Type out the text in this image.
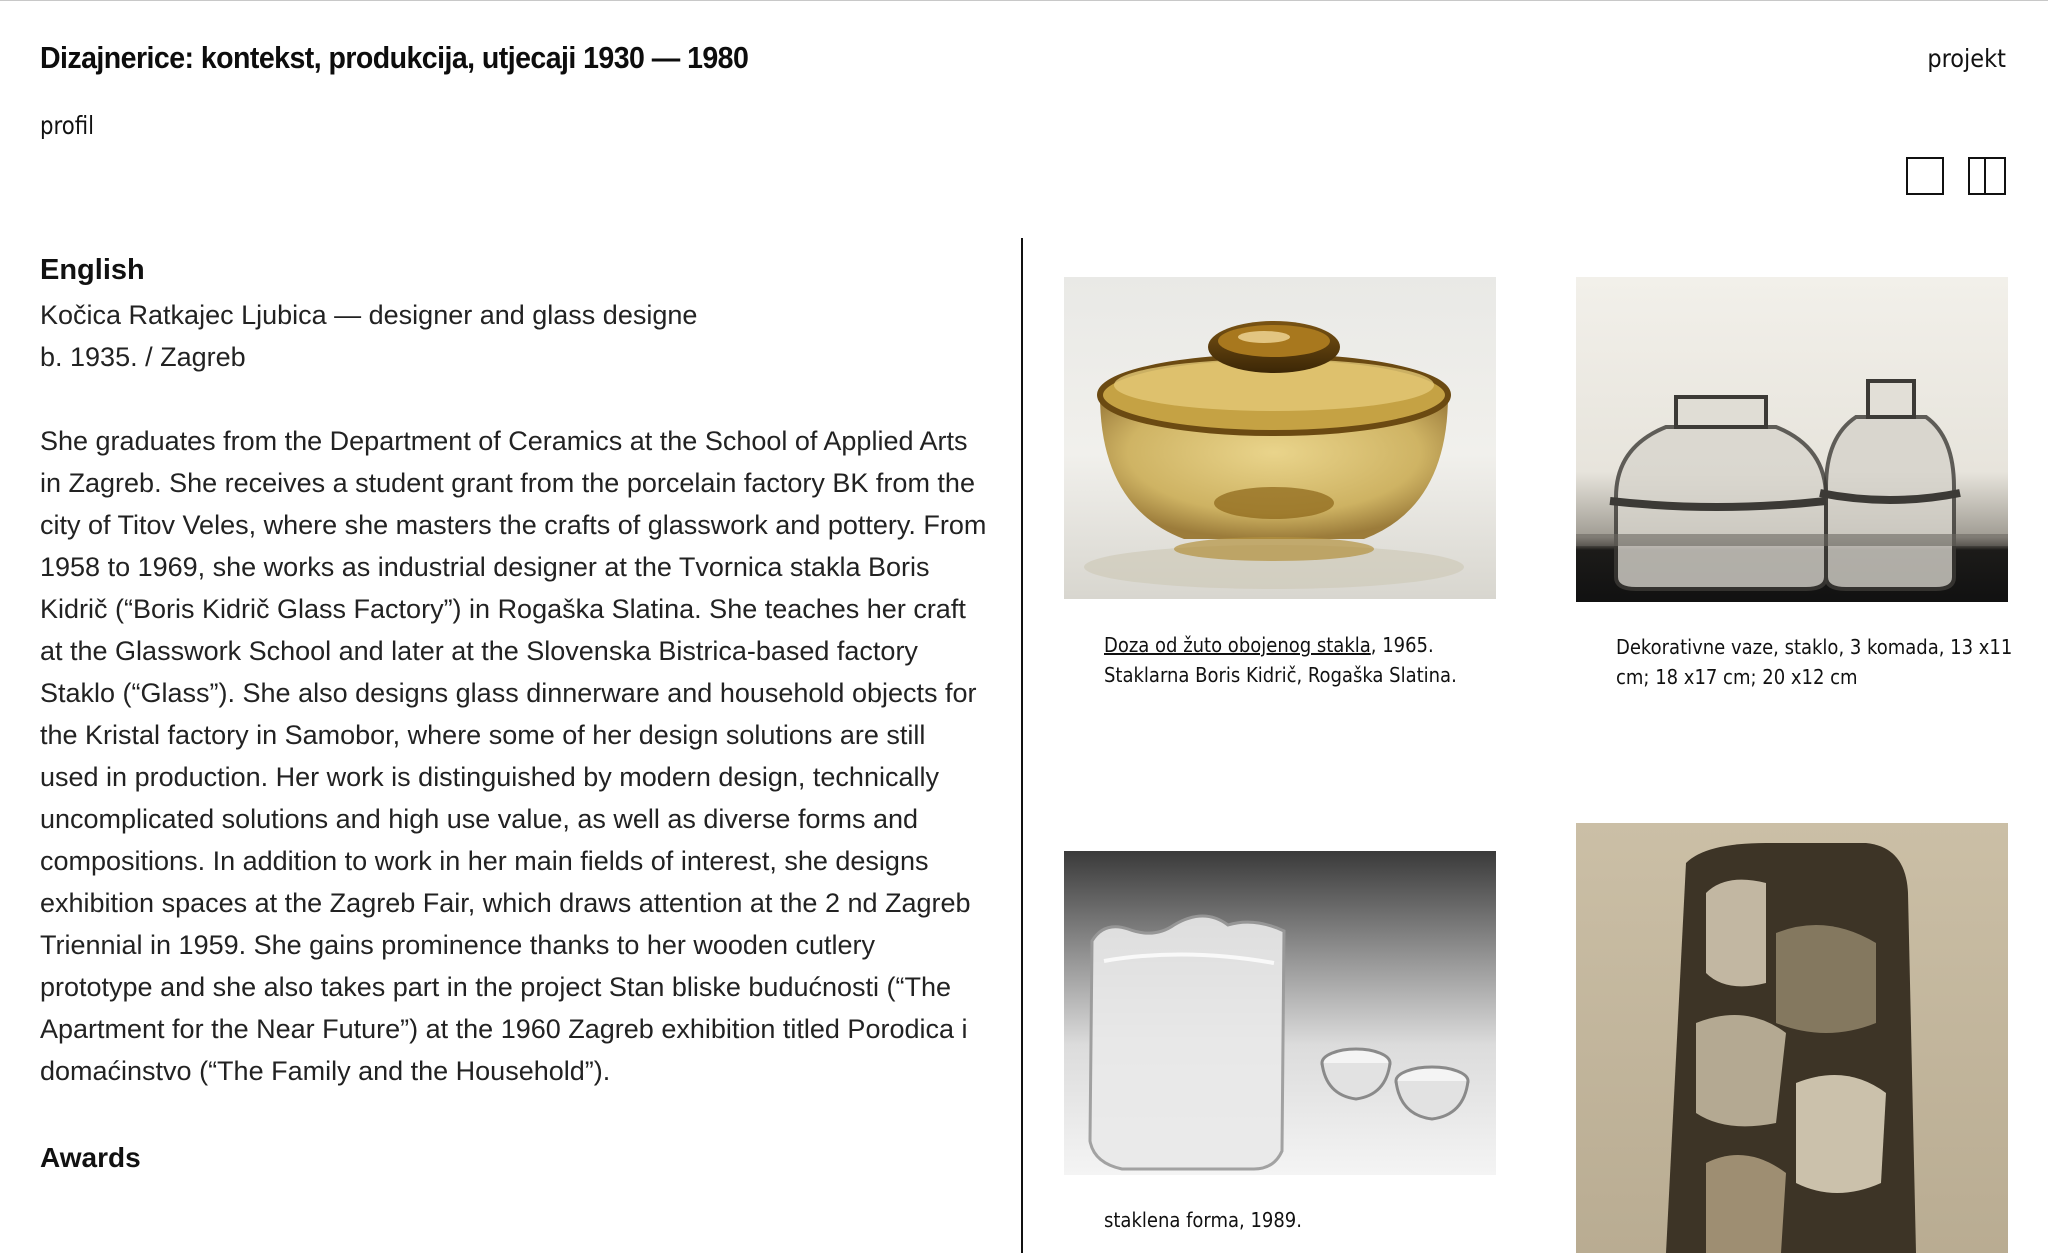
Dizajnerice: kontekst, produkcija, utjecaji 1930 — 1980	projekt
profil
English
Kočica Ratkajec Ljubica — designer and glass designe
b. 1935. / Zagreb

She graduates from the Department of Ceramics at the School of Applied Arts in Zagreb. She receives a student grant from the porcelain factory BK from the city of Titov Veles, where she masters the crafts of glasswork and pottery. From 1958 to 1969, she works as industrial designer at the Tvornica stakla Boris Kidrič (“Boris Kidrič Glass Factory”) in Rogaška Slatina. She teaches her craft at the Glasswork School and later at the Slovenska Bistrica-based factory Staklo (“Glass”). She also designs glass dinnerware and household objects for the Kristal factory in Samobor, where some of her design solutions are still used in production. Her work is distinguished by modern design, technically uncomplicated solutions and high use value, as well as diverse forms and compositions. In addition to work in her main fields of interest, she designs exhibition spaces at the Zagreb Fair, which draws attention at the 2 nd Zagreb Triennial in 1959. She gains prominence thanks to her wooden cutlery prototype and she also takes part in the project Stan bliske budućnosti (“The Apartment for the Near Future”) at the 1960 Zagreb exhibition titled Porodica i domaćinstvo (“The Family and the Household”).

Awards
Doza od žuto obojenog stakla, 1965. Staklarna Boris Kidrič, Rogaška Slatina.
Dekorativne vaze, staklo, 3 komada, 13 x11 cm; 18 x17 cm; 20 x12 cm
staklena forma, 1989.
